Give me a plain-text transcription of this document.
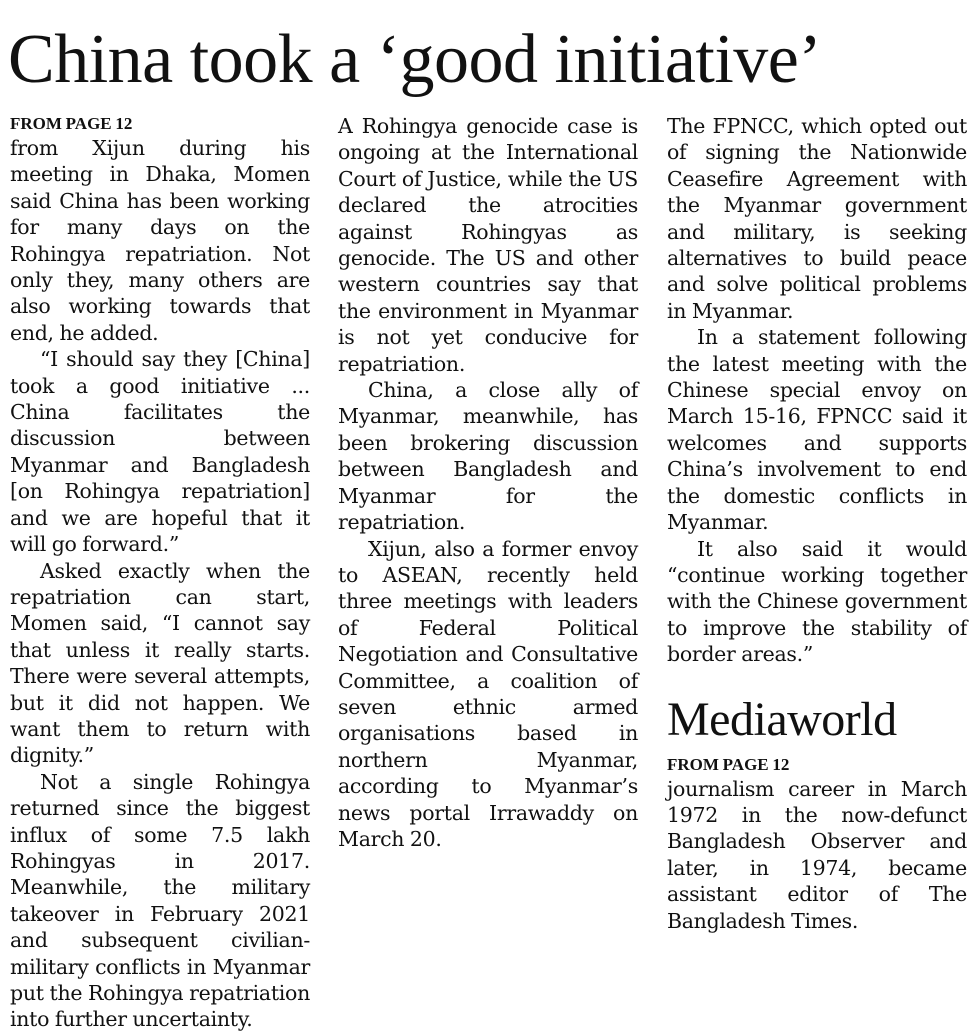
China took a ‘good initiative’
FROM PAGE 12

from Xijun during his meeting in Dhaka, Momen said China has been working for many days on the Rohingya repatriation. Not only they, many others are also working towards that end, he added.

“I should say they [China] took a good initiative ... China facilitates the discussion between Myanmar and Bangladesh [on Rohingya repatriation] and we are hopeful that it will go forward.”

Asked exactly when the repatriation can start, Momen said, “I cannot say that unless it really starts. There were several attempts, but it did not happen. We want them to return with dignity.”

Not a single Rohingya returned since the biggest influx of some 7.5 lakh Rohingyas in 2017. Meanwhile, the military takeover in February 2021 and subsequent civilian-military conflicts in Myanmar put the Rohingya repatriation into further uncertainty.

A Rohingya genocide case is ongoing at the International Court of Justice, while the US declared the atrocities against Rohingyas as genocide. The US and other western countries say that the environment in Myanmar is not yet conducive for repatriation.

China, a close ally of Myanmar, meanwhile, has been brokering discussion between Bangladesh and Myanmar for the repatriation.

Xijun, also a former envoy to ASEAN, recently held three meetings with leaders of Federal Political Negotiation and Consultative Committee, a coalition of seven ethnic armed organisations based in northern Myanmar, according to Myanmar’s news portal Irrawaddy on March 20.

The FPNCC, which opted out of signing the Nationwide Ceasefire Agreement with the Myanmar government and military, is seeking alternatives to build peace and solve political problems in Myanmar.

In a statement following the latest meeting with the Chinese special envoy on March 15-16, FPNCC said it welcomes and supports China’s involvement to end the domestic conflicts in Myanmar.

It also said it would “continue working together with the Chinese government to improve the stability of border areas.”

Mediaworld
FROM PAGE 12

journalism career in March 1972 in the now-defunct Bangladesh Observer and later, in 1974, became assistant editor of The Bangladesh Times.
